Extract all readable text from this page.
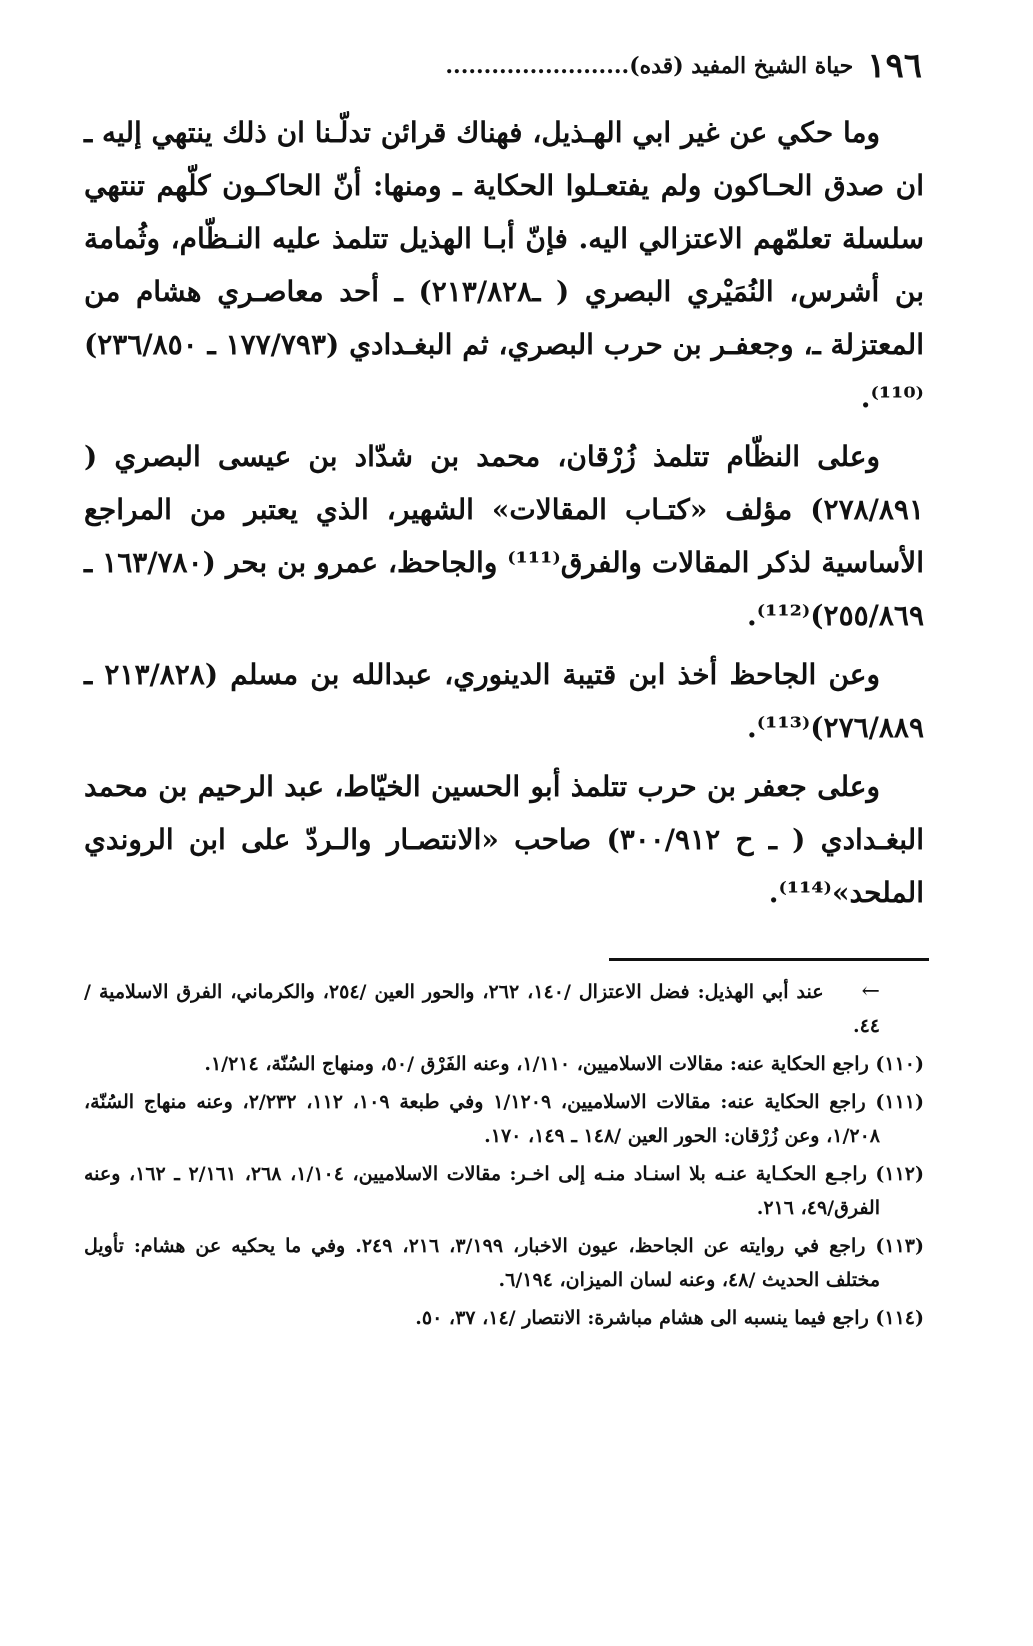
١٩٦
حياة الشيخ المفيد (قده)
........................

وما حكي عن غير ابي الهـذيل، فهناك قرائن تدلّـنا ان ذلك ينتهي إليه ـ ان صدق الحـاكون ولم يفتعـلوا الحكاية ـ ومنها: أنّ الحاكـون كلّهم تنتهي سلسلة تعلمّهم الاعتزالي اليه. فإنّ أبـا الهذيل تتلمذ عليه النـظّام، وثُمامة بن أشرس، النُمَيْري البصري ( ـ٢١٣/٨٢٨) ـ أحد معاصـري هشام من المعتزلة ـ، وجعفـر بن حرب البصري، ثم البغـدادي (١٧٧/٧٩٣ ـ ٢٣٦/٨٥٠)⁽¹¹⁰⁾.

وعلى النظّام تتلمذ زُرْقان، محمد بن شدّاد بن عيسى البصري ( ٢٧٨/٨٩١) مؤلف «كتـاب المقالات» الشهير، الذي يعتبر من المراجع الأساسية لذكر المقالات والفرق⁽¹¹¹⁾ والجاحظ، عمرو بن بحر (١٦٣/٧٨٠ ـ ٢٥٥/٨٦٩)⁽¹¹²⁾.

وعن الجاحظ أخذ ابن قتيبة الدينوري، عبدالله بن مسلم (٢١٣/٨٢٨ ـ ٢٧٦/٨٨٩)⁽¹¹³⁾.

وعلى جعفر بن حرب تتلمذ أبو الحسين الخيّاط، عبد الرحيم بن محمد البغـدادي ( ـ ح ٣٠٠/٩١٢) صاحب «الانتصـار والـردّ على ابن الروندي الملحد»⁽¹¹⁴⁾.

← عند أبي الهذيل: فضل الاعتزال /١٤٠، ٢٦٢، والحور العين /٢٥٤، والكرماني، الفرق الاسلامية /٤٤.

(١١٠) راجع الحكاية عنه: مقالات الاسلاميين، ١/١١٠، وعنه الفَرْق /٥٠، ومنهاج السُنّة، ١/٢١٤.

(١١١) راجع الحكاية عنه: مقالات الاسلاميين، ١/١٢٠٩ وفي طبعة ١٠٩، ١١٢، ٢/٢٣٢، وعنه منهاج السُنّة، ١/٢٠٨، وعن زُرْقان: الحور العين /١٤٨ ـ ١٤٩، ١٧٠.

(١١٢) راجـع الحكـاية عنـه بلا اسنـاد منـه إلى اخـر: مقالات الاسلاميين، ١/١٠٤، ٢٦٨، ٢/١٦١ ـ ١٦٢، وعنه الفرق/٤٩، ٢١٦.

(١١٣) راجع في روايته عن الجاحظ، عيون الاخبار، ٣/١٩٩، ٢١٦، ٢٤٩. وفي ما يحكيه عن هشام: تأويل مختلف الحديث /٤٨، وعنه لسان الميزان، ٦/١٩٤.

(١١٤) راجع فيما ينسبه الى هشام مباشرة: الانتصار /١٤، ٣٧، ٥٠.
